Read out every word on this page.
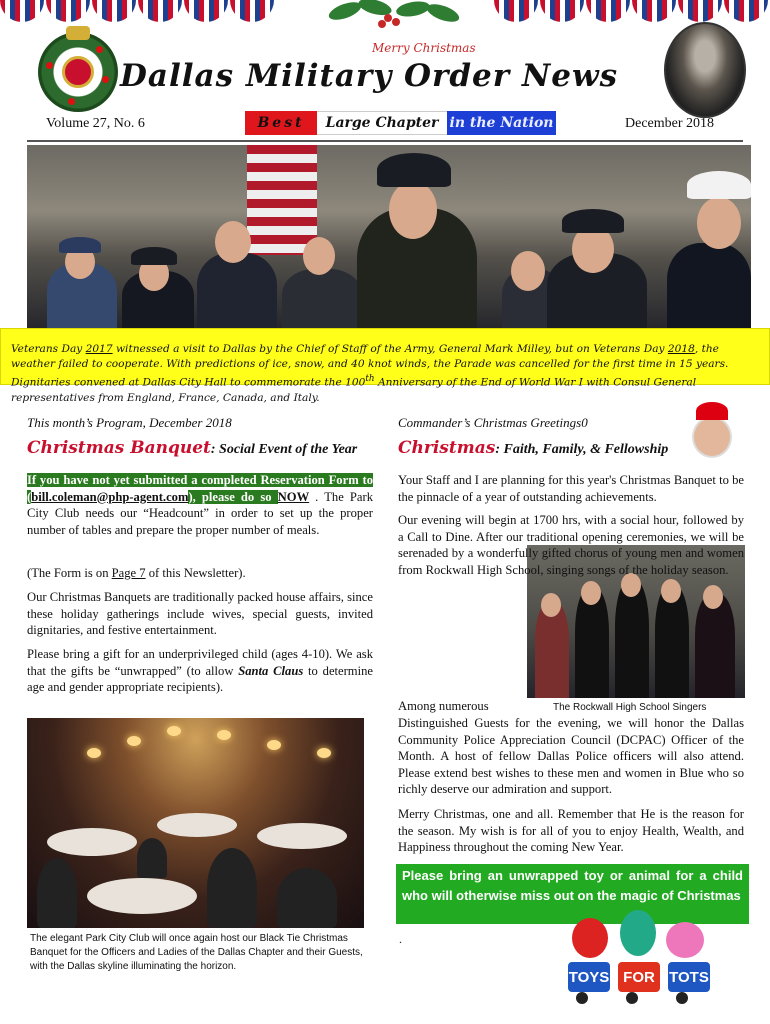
Merry Christmas
Dallas Military Order News
Volume 27, No. 6	Best	Large Chapter in the Nation	December 2018
Veterans Day 2017 witnessed a visit to Dallas by the Chief of Staff of the Army, General Mark Milley, but on Veterans Day 2018, the weather failed to cooperate. With predictions of ice, snow, and 40 knot winds, the Parade was cancelled for the first time in 15 years. Dignitaries convened at Dallas City Hall to commemorate the 100th Anniversary of the End of World War I with Consul General representatives from England, France, Canada, and Italy.
This month’s Program, December 2018
Christmas Banquet: Social Event of the Year
If you have not yet submitted a completed Reservation Form to (bill.coleman@php-agent.com), please do so NOW . The Park City Club needs our “Headcount” in order to set up the proper number of tables and prepare the proper number of meals.
(The Form is on Page 7 of this Newsletter).
Our Christmas Banquets are traditionally packed house affairs, since these holiday gatherings include wives, special guests, invited dignitaries, and festive entertainment.
Please bring a gift for an underprivileged child (ages 4-10). We ask that the gifts be “unwrapped” (to allow Santa Claus to determine age and gender appropriate recipients).
The elegant Park City Club will once again host our Black Tie Christmas Banquet for the Officers and Ladies of the Dallas Chapter and their Guests, with the Dallas skyline illuminating the horizon.
Commander’s Christmas Greetings0
Christmas: Faith, Family, & Fellowship
Your Staff and I are planning for this year's Christmas Banquet to be the pinnacle of a year of outstanding achievements.
Our evening will begin at 1700 hrs, with a social hour, followed by a Call to Dine. After our traditional opening ceremonies, we will be serenaded by a wonderfully gifted chorus of young men and women from Rockwall High School, singing songs of the holiday season.
Among numerous	The Rockwall High School Singers
Distinguished Guests for the evening, we will honor the Dallas Community Police Appreciation Council (DCPAC) Officer of the Month. A host of fellow Dallas Police officers will also attend. Please extend best wishes to these men and women in Blue who so richly deserve our admiration and support.
Merry Christmas, one and all. Remember that He is the reason for the season. My wish is for all of you to enjoy Health, Wealth, and Happiness throughout the coming New Year.
Please bring an unwrapped toy or animal for a child who will otherwise miss out on the magic of Christmas
.
TOYS FOR TOTS
